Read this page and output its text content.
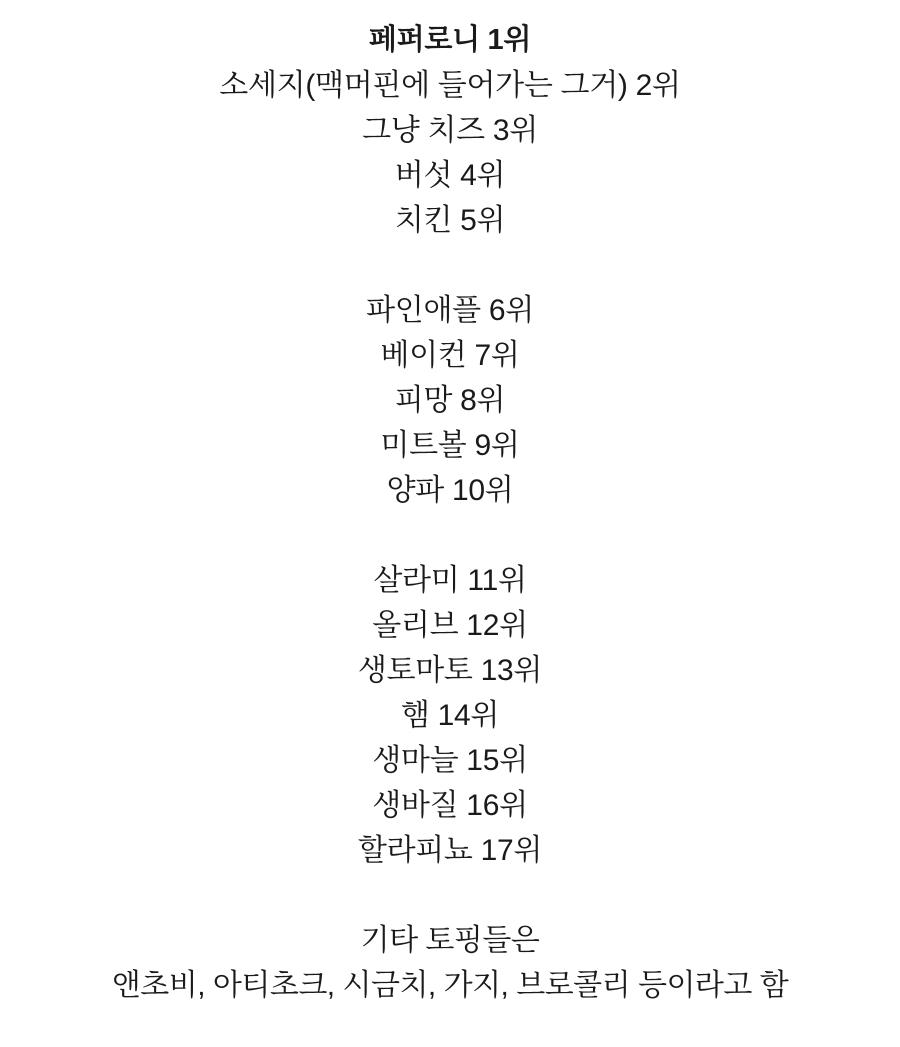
페퍼로니 1위
소세지(맥머핀에 들어가는 그거) 2위
그냥 치즈 3위
버섯 4위
치킨 5위
파인애플 6위
베이컨 7위
피망 8위
미트볼 9위
양파 10위
살라미 11위
올리브 12위
생토마토 13위
햄 14위
생마늘 15위
생바질 16위
할라피뇨 17위
기타 토핑들은
앤초비, 아티초크, 시금치, 가지, 브로콜리 등이라고 함
